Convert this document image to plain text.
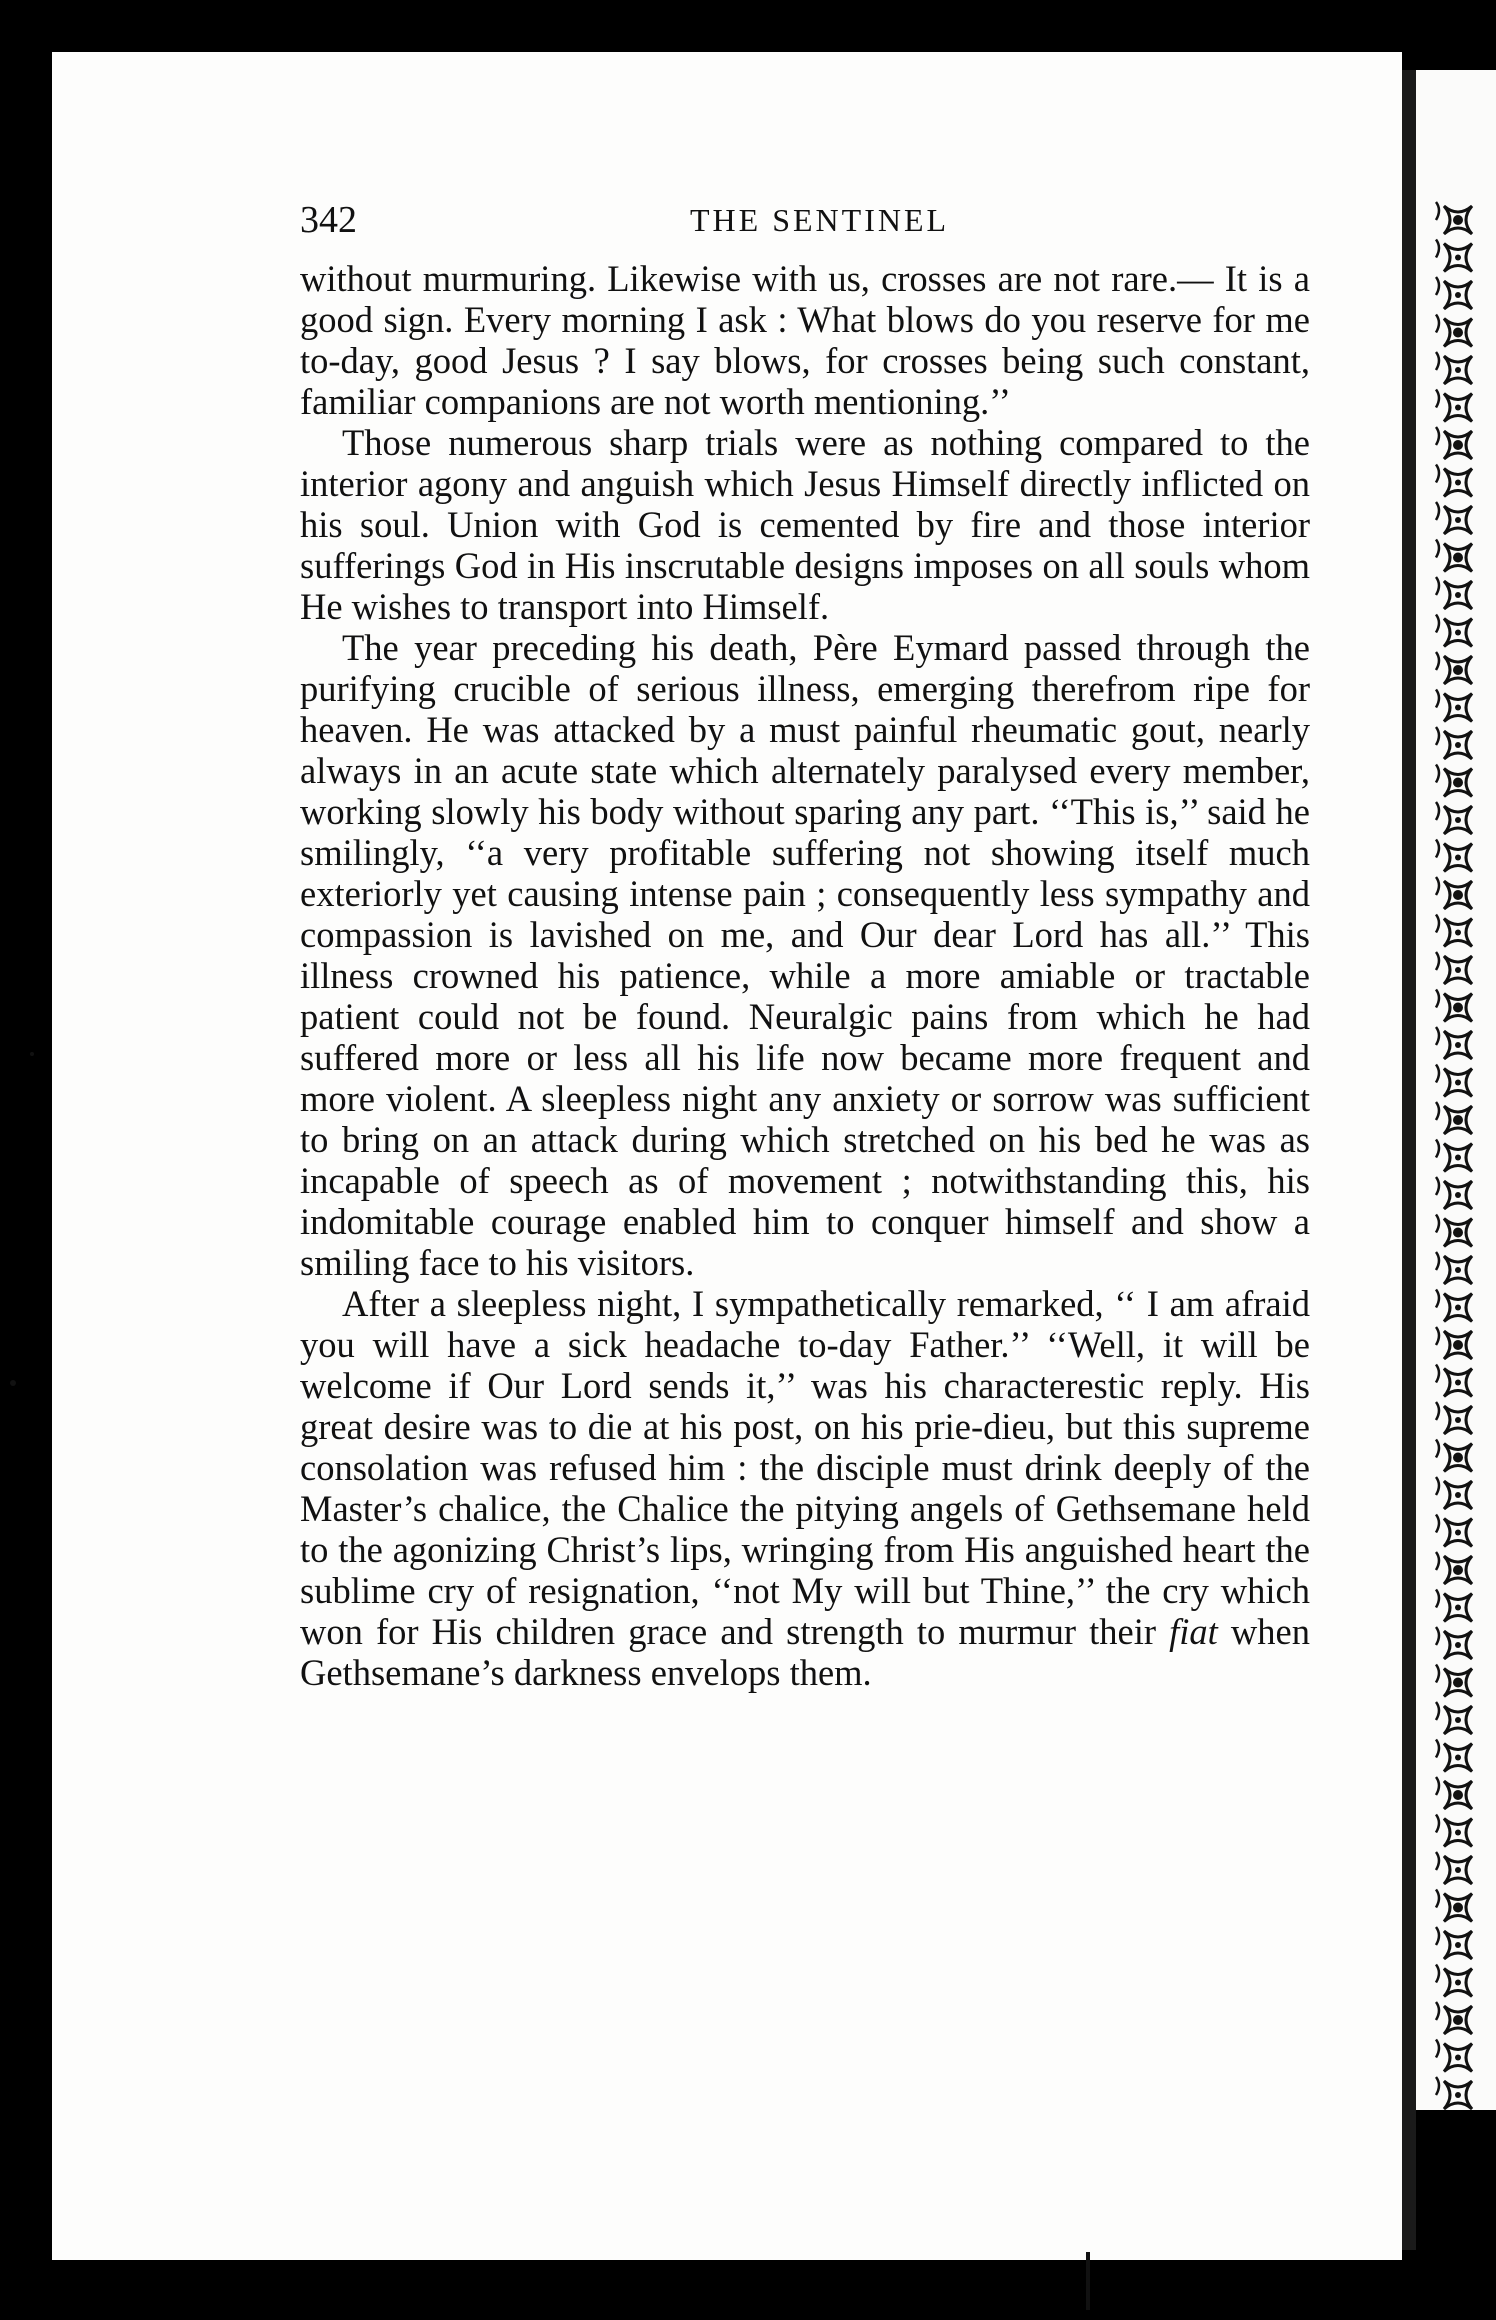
342	THE SENTINEL

without murmuring. Likewise with us, crosses are not rare.— It is a good sign. Every morning I ask : What blows do you reserve for me to-day, good Jesus ? I say blows, for crosses being such constant, familiar companions are not worth mentioning.’’

Those numerous sharp trials were as nothing compared to the interior agony and anguish which Jesus Himself directly inflicted on his soul. Union with God is cemented by fire and those interior sufferings God in His inscrutable designs imposes on all souls whom He wishes to transport into Himself.

The year preceding his death, Père Eymard passed through the purifying crucible of serious illness, emerging therefrom ripe for heaven. He was attacked by a must painful rheumatic gout, nearly always in an acute state which alternately paralysed every member, working slowly his body without sparing any part. ‘‘This is,’’ said he smilingly, ‘‘a very profitable suffering not showing itself much exteriorly yet causing intense pain ; consequently less sympathy and compassion is lavished on me, and Our dear Lord has all.’’ This illness crowned his patience, while a more amiable or tractable patient could not be found. Neuralgic pains from which he had suffered more or less all his life now became more frequent and more violent. A sleepless night any anxiety or sorrow was sufficient to bring on an attack during which stretched on his bed he was as incapable of speech as of movement ; notwithstanding this, his indomitable courage enabled him to conquer himself and show a smiling face to his visitors.

After a sleepless night, I sympathetically remarked, ‘‘ I am afraid you will have a sick headache to-day Father.’’ ‘‘Well, it will be welcome if Our Lord sends it,’’ was his characterestic reply. His great desire was to die at his post, on his prie-dieu, but this supreme consolation was refused him : the disciple must drink deeply of the Master’s chalice, the Chalice the pitying angels of Gethsemane held to the agonizing Christ’s lips, wringing from His anguished heart the sublime cry of resignation, ‘‘not My will but Thine,’’ the cry which won for His children grace and strength to murmur their fiat when Gethsemane’s darkness envelops them.
